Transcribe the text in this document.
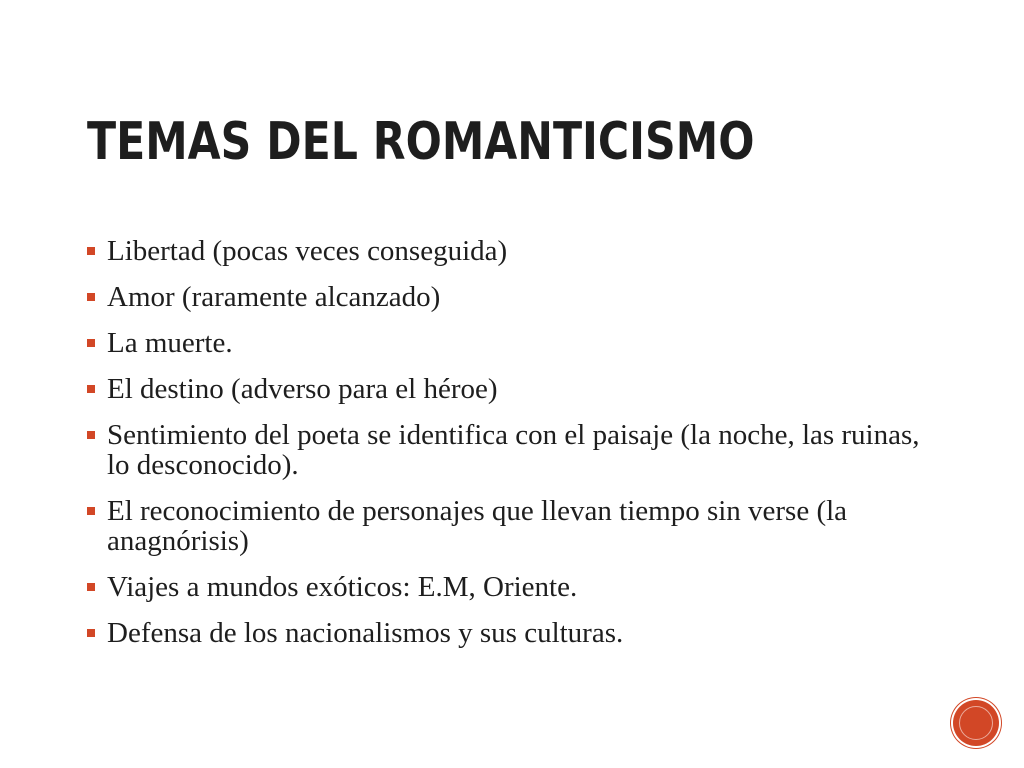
TEMAS DEL ROMANTICISMO
Libertad (pocas veces conseguida)
Amor (raramente alcanzado)
La muerte.
El destino (adverso para el héroe)
Sentimiento del poeta se identifica con el paisaje (la noche, las ruinas, lo desconocido).
El reconocimiento de personajes que llevan tiempo sin verse (la anagnórisis)
Viajes a mundos exóticos: E.M, Oriente.
Defensa de los nacionalismos y sus culturas.
